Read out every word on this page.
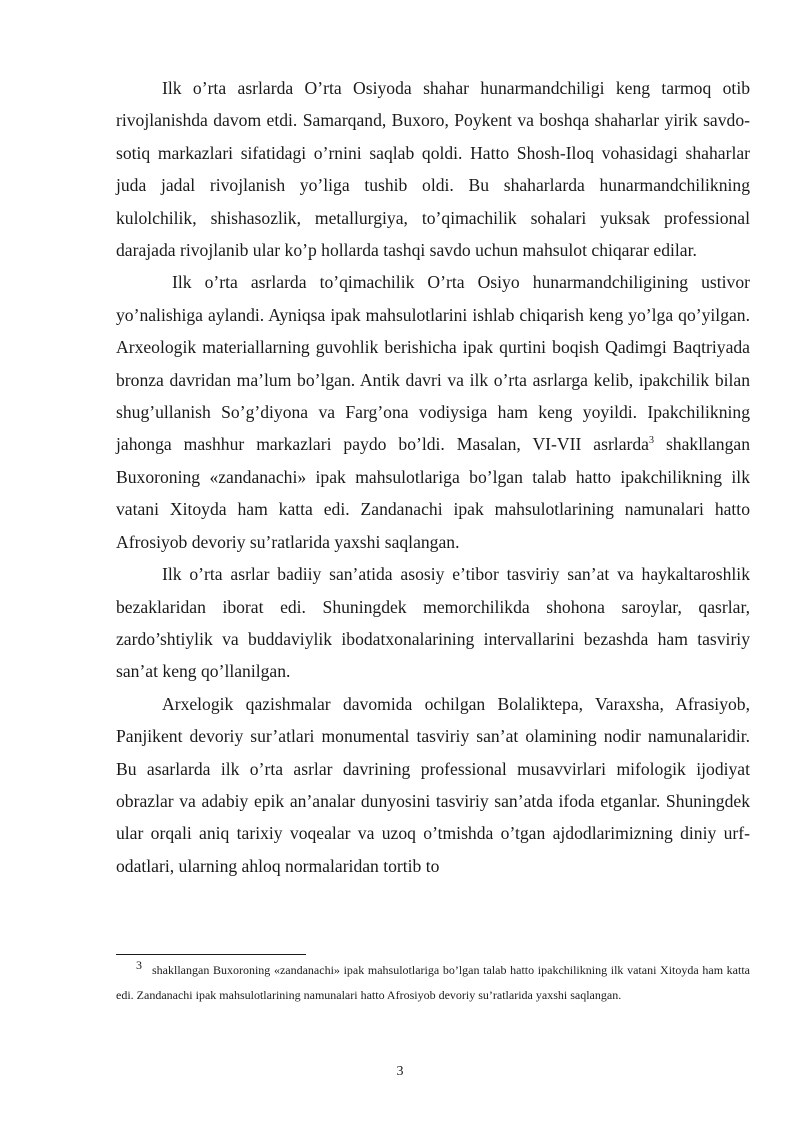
Ilk o’rta asrlarda O’rta Osiyoda shahar hunarmandchiligi keng tarmoq otib rivojlanishda davom etdi. Samarqand, Buxoro, Poykent va boshqa shaharlar yirik savdo-sotiq markazlari sifatidagi o’rnini saqlab qoldi. Hatto Shosh-Iloq vohasidagi shaharlar juda jadal rivojlanish yo’liga tushib oldi. Bu shaharlarda hunarmandchilikning kulolchilik, shishasozlik, metallurgiya, to’qimachilik sohalari yuksak professional darajada rivojlanib ular ko’p hollarda tashqi savdo uchun mahsulot chiqarar edilar.

Ilk o’rta asrlarda to’qimachilik O’rta Osiyo hunarmandchiligining ustivor yo’nalishiga aylandi. Ayniqsa ipak mahsulotlarini ishlab chiqarish keng yo’lga qo’yilgan. Arxeologik materiallarning guvohlik berishicha ipak qurtini boqish Qadimgi Baqtriyada bronza davridan ma’lum bo’lgan. Antik davri va ilk o’rta asrlarga kelib, ipakchilik bilan shug’ullanish So’g’diyona va Farg’ona vodiysiga ham keng yoyildi. Ipakchilikning jahonga mashhur markazlari paydo bo’ldi. Masalan, VI-VII asrlarda$^3$ shakllangan Buxoroning «zandanachi» ipak mahsulotlariga bo’lgan talab hatto ipakchilikning ilk vatani Xitoyda ham katta edi. Zandanachi ipak mahsulotlarining namunalari hatto Afrosiyob devoriy su’ratlarida yaxshi saqlangan.

Ilk o’rta asrlar badiiy san’atida asosiy e’tibor tasviriy san’at va haykaltaroshlik bezaklaridan iborat edi. Shuningdek memorchilikda shohona saroylar, qasrlar, zardo’shtiylik va buddaviylik ibodatxonalarining intervallarini bezashda ham tasviriy san’at keng qo’llanilgan.

Arxelogik qazishmalar davomida ochilgan Bolaliktepa, Varaxsha, Afrasiyob, Panjikent devoriy sur’atlari monumental tasviriy san’at olamining nodir namunalaridir. Bu asarlarda ilk o’rta asrlar davrining professional musavvirlari mifologik ijodiyat obrazlar va adabiy epik an’analar dunyosini tasviriy san’atda ifoda etganlar. Shuningdek ular orqali aniq tarixiy voqealar va uzoq o’tmishda o’tgan ajdodlarimizning diniy urf-odatlari, ularning ahloq normalaridan tortib to

$^3$ shakllangan Buxoroning «zandanachi» ipak mahsulotlariga bo’lgan talab hatto ipakchilikning ilk vatani Xitoyda ham katta edi. Zandanachi ipak mahsulotlarining namunalari hatto Afrosiyob devoriy su’ratlarida yaxshi saqlangan.

3
